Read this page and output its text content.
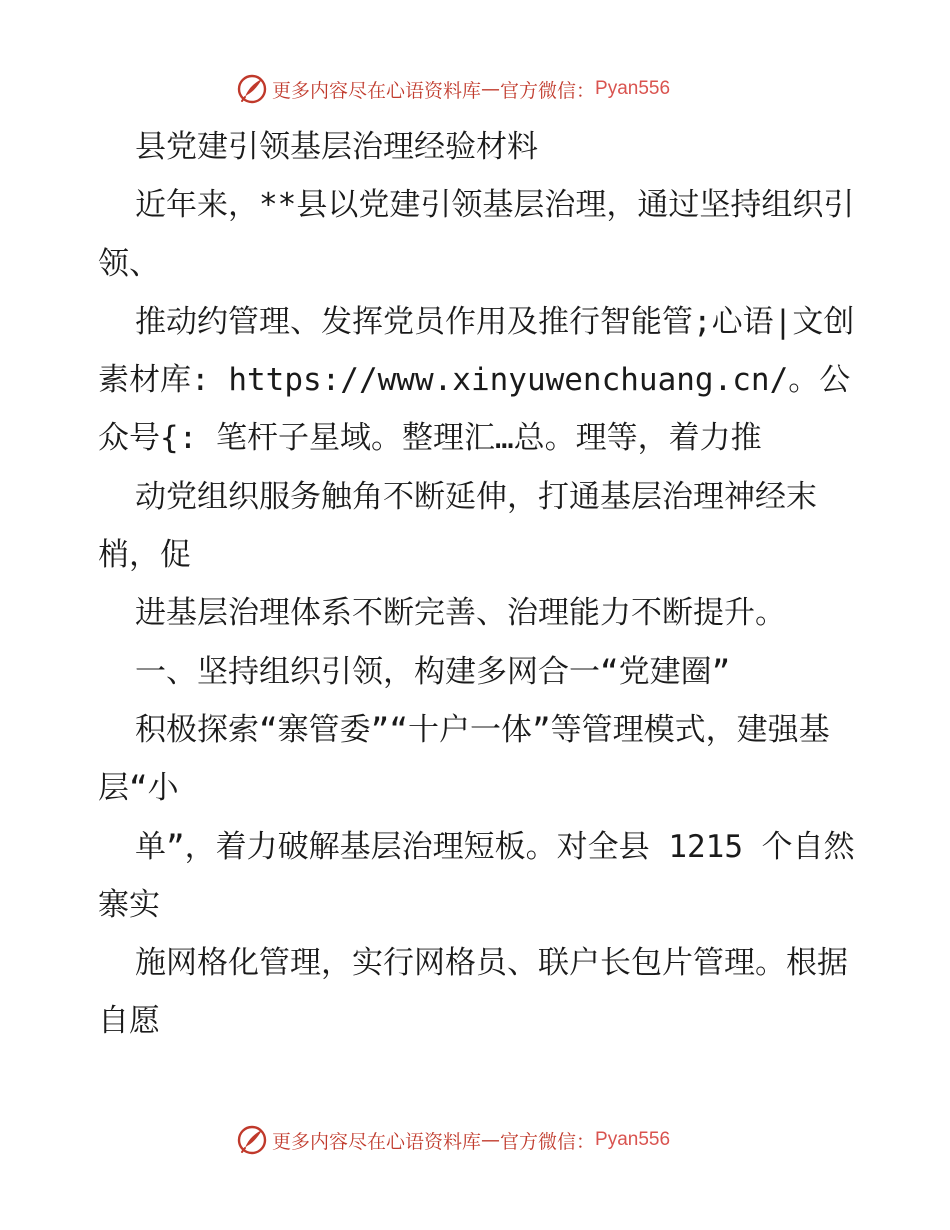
更多内容尽在心语资料库 — 官方微信 ： Pyan556

县党建引领基层治理经验材料

近年来，**县以党建引领基层治理，通过坚持组织引领、

推动约管理、发挥党员作用及推行智能管;心语|文创素材库: https://www.xinyuwenchuang.cn/。公众号{: 笔杆子星域。整理汇…总。理等，着力推

动党组织服务触角不断延伸，打通基层治理神经末梢，促

进基层治理体系不断完善、治理能力不断提升。

一、坚持组织引领，构建多网合一“党建圈”

积极探索“寨管委”“十户一体”等管理模式，建强基层“小

单”，着力破解基层治理短板。对全县 1215 个自然寨实

施网格化管理，实行网格员、联户长包片管理。根据自愿

更多内容尽在心语资料库 — 官方微信 ： Pyan556
